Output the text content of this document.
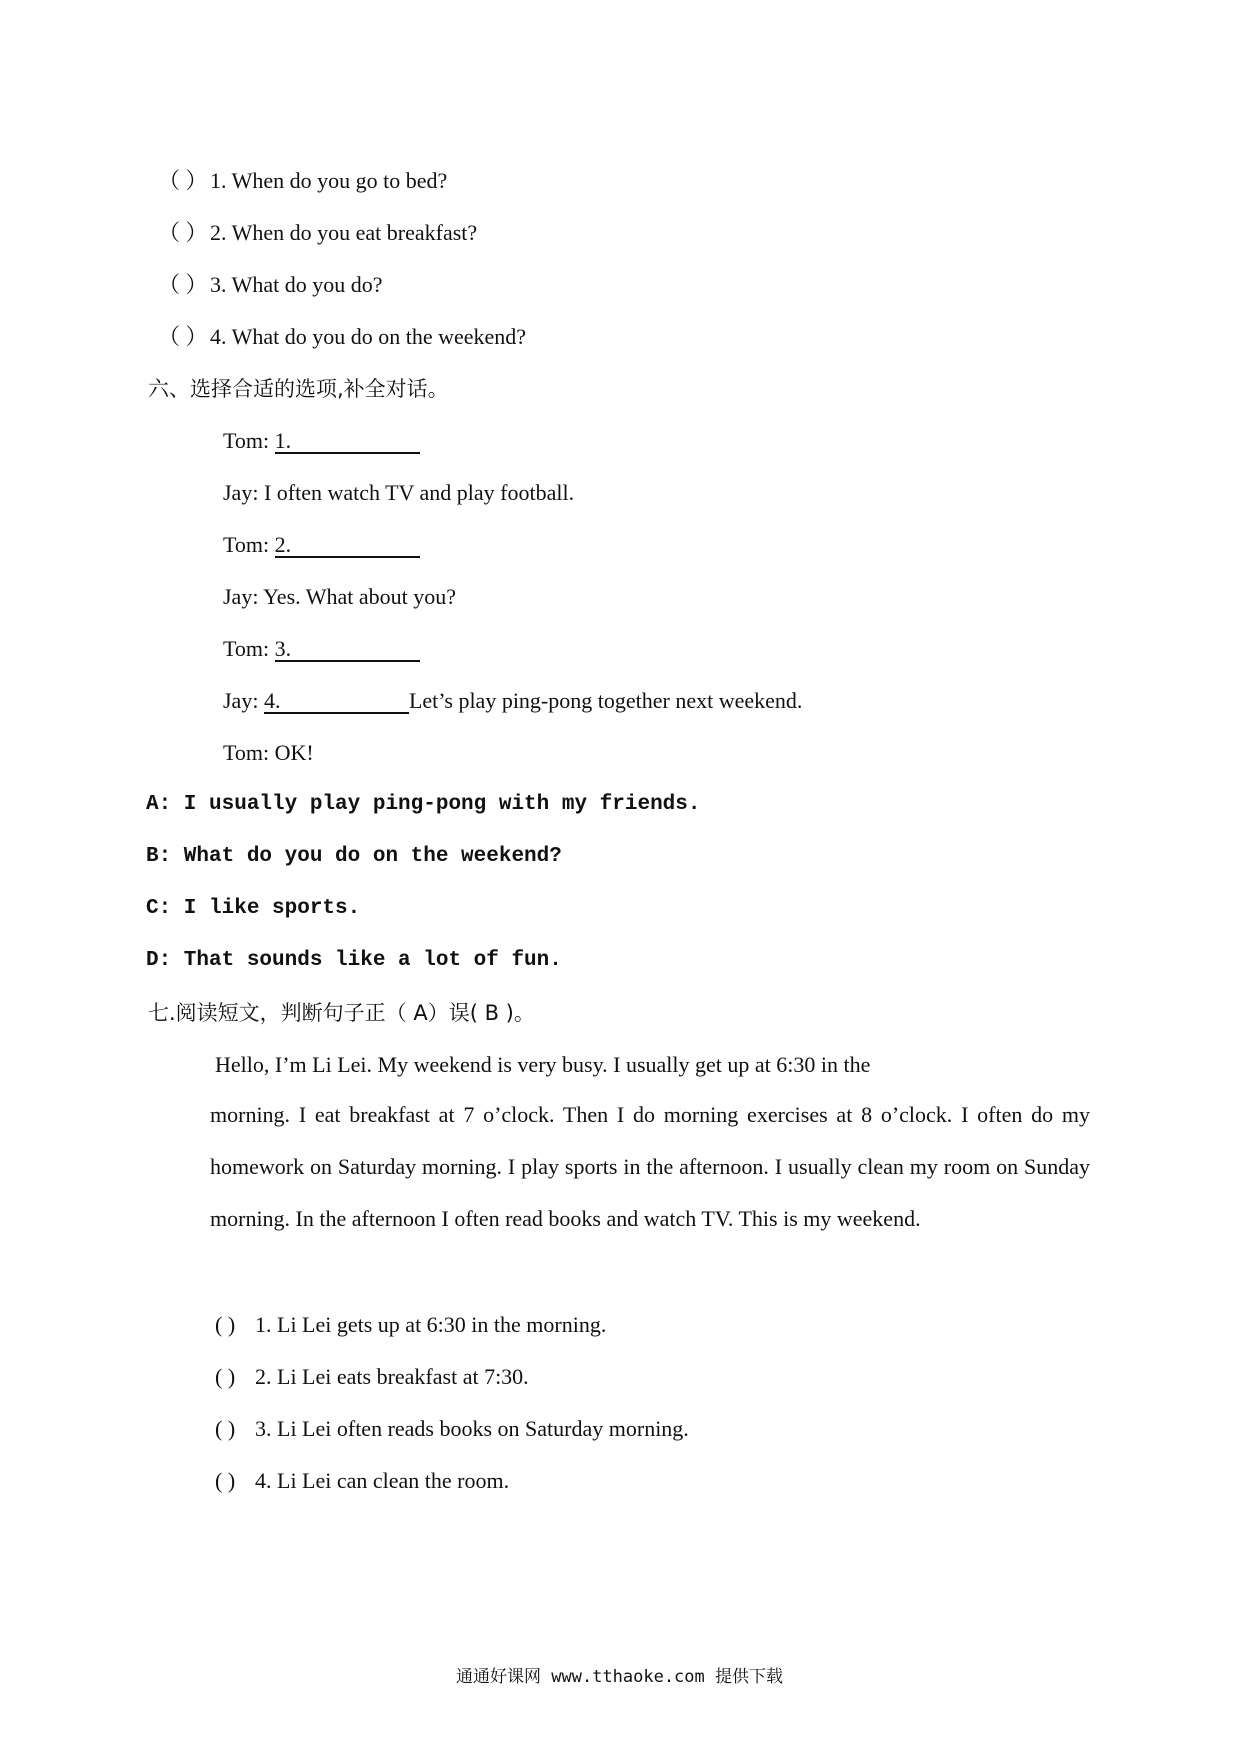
（ ） 1. When do you go to bed?
（ ） 2. When do you eat breakfast?
（ ） 3. What do you do?
（ ） 4. What do you do on the weekend?
六、选择合适的选项,补全对话。
Tom: 1.
Jay: I often watch TV and play football.
Tom: 2.
Jay: Yes. What about you?
Tom: 3.
Jay: 4.	Let’s play ping-pong together next weekend.
Tom: OK!
A: I usually play ping-pong with my friends.
B: What do you do on the weekend?
C: I like sports.
D: That sounds like a lot of fun.
七.阅读短文，判断句子正（ A）误( B )。
Hello, I’m Li Lei. My weekend is very busy. I usually get up at 6:30 in the
morning. I eat breakfast at 7 o’clock. Then I do morning exercises at 8 o’clock. I often do my homework on Saturday morning. I play sports in the afternoon. I usually clean my room on Sunday morning. In the afternoon I often read books and watch TV. This is my weekend.
( ) 1. Li Lei gets up at 6:30 in the morning.
( ) 2. Li Lei eats breakfast at 7:30.
( ) 3. Li Lei often reads books on Saturday morning.
( ) 4. Li Lei can clean the room.
通通好课网 www.tthaoke.com 提供下载
